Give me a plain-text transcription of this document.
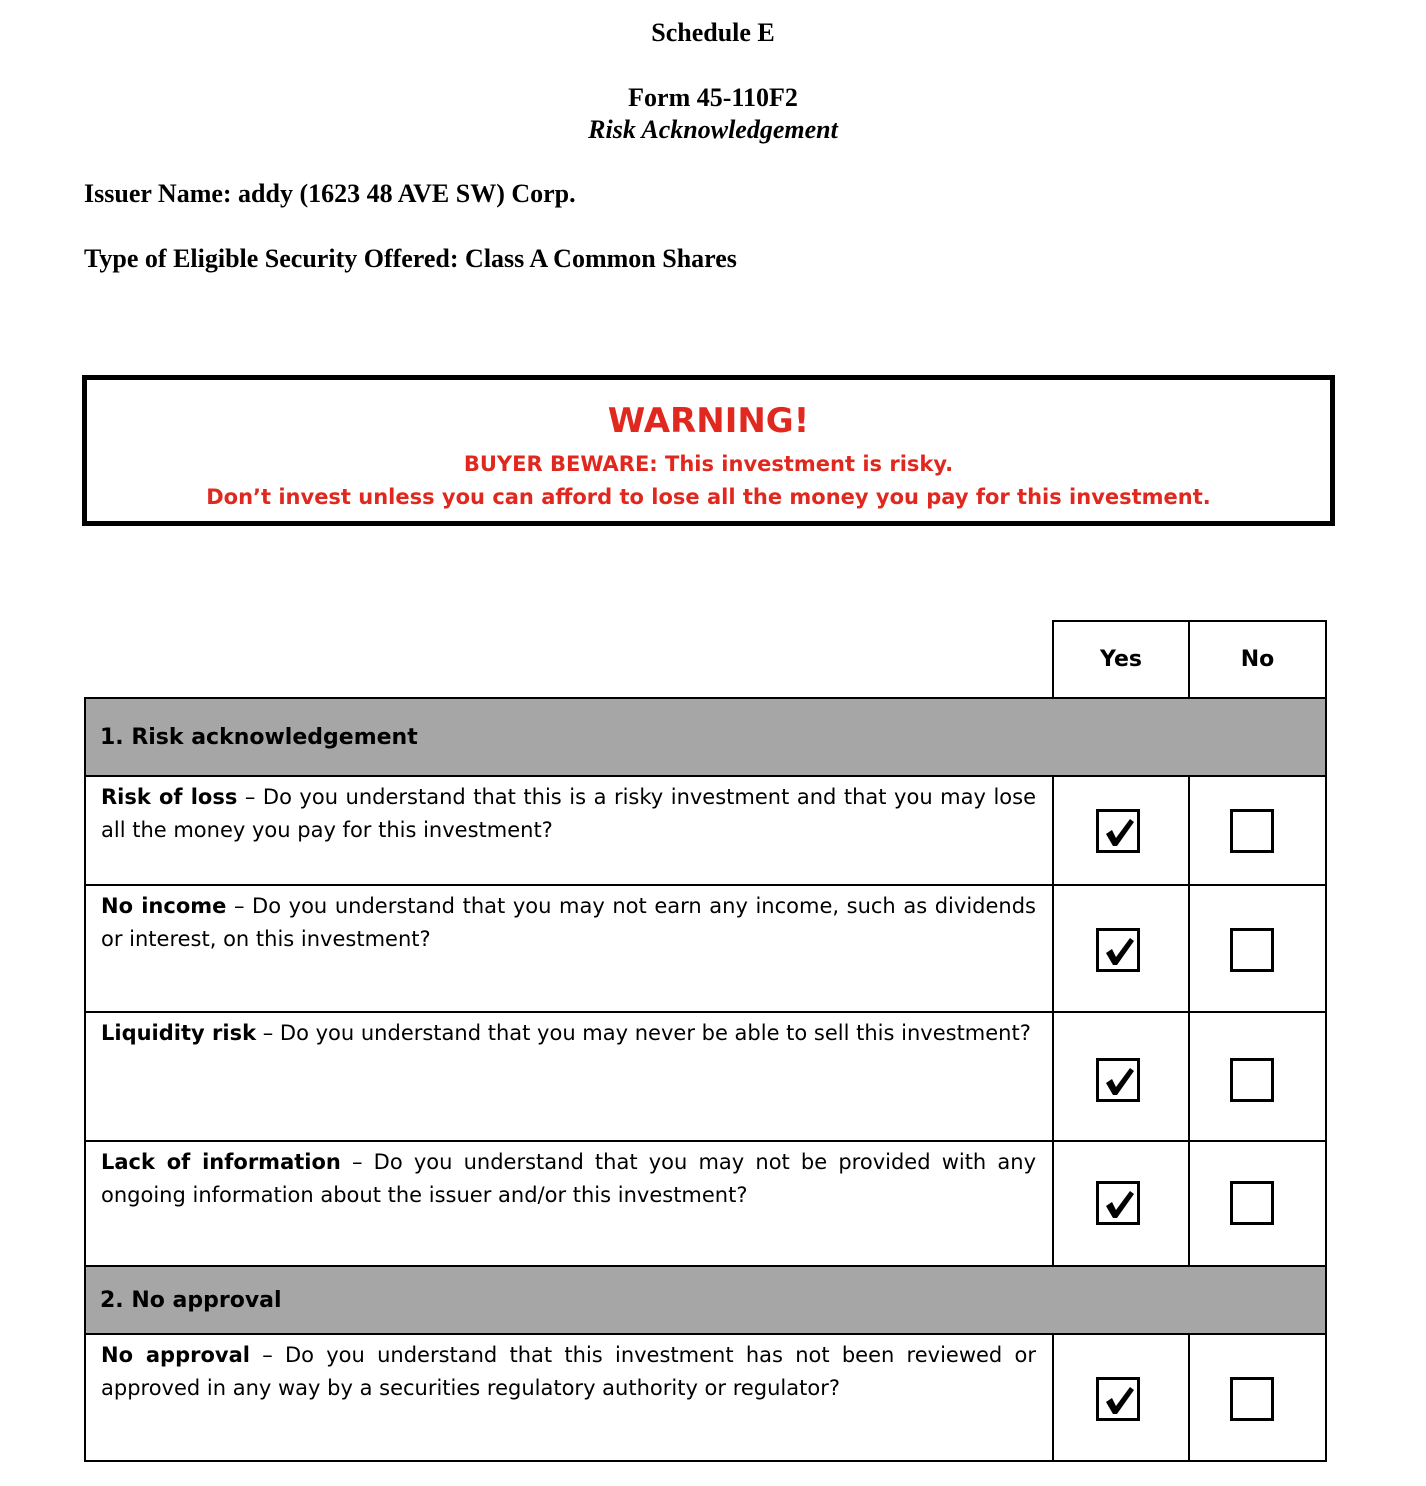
Schedule E
Form 45-110F2
Risk Acknowledgement
Issuer Name: addy (1623 48 AVE SW) Corp.
Type of Eligible Security Offered: Class A Common Shares
WARNING!
BUYER BEWARE: This investment is risky.
Don’t invest unless you can afford to lose all the money you pay for this investment.
Yes	No
1. Risk acknowledgement
Risk of loss – Do you understand that this is a risky investment and that you may lose all the money you pay for this investment?
No income – Do you understand that you may not earn any income, such as dividends or interest, on this investment?
Liquidity risk – Do you understand that you may never be able to sell this investment?
Lack of information – Do you understand that you may not be provided with any ongoing information about the issuer and/or this investment?
No approval – Do you understand that this investment has not been reviewed or approved in any way by a securities regulatory authority or regulator?
2. No approval
